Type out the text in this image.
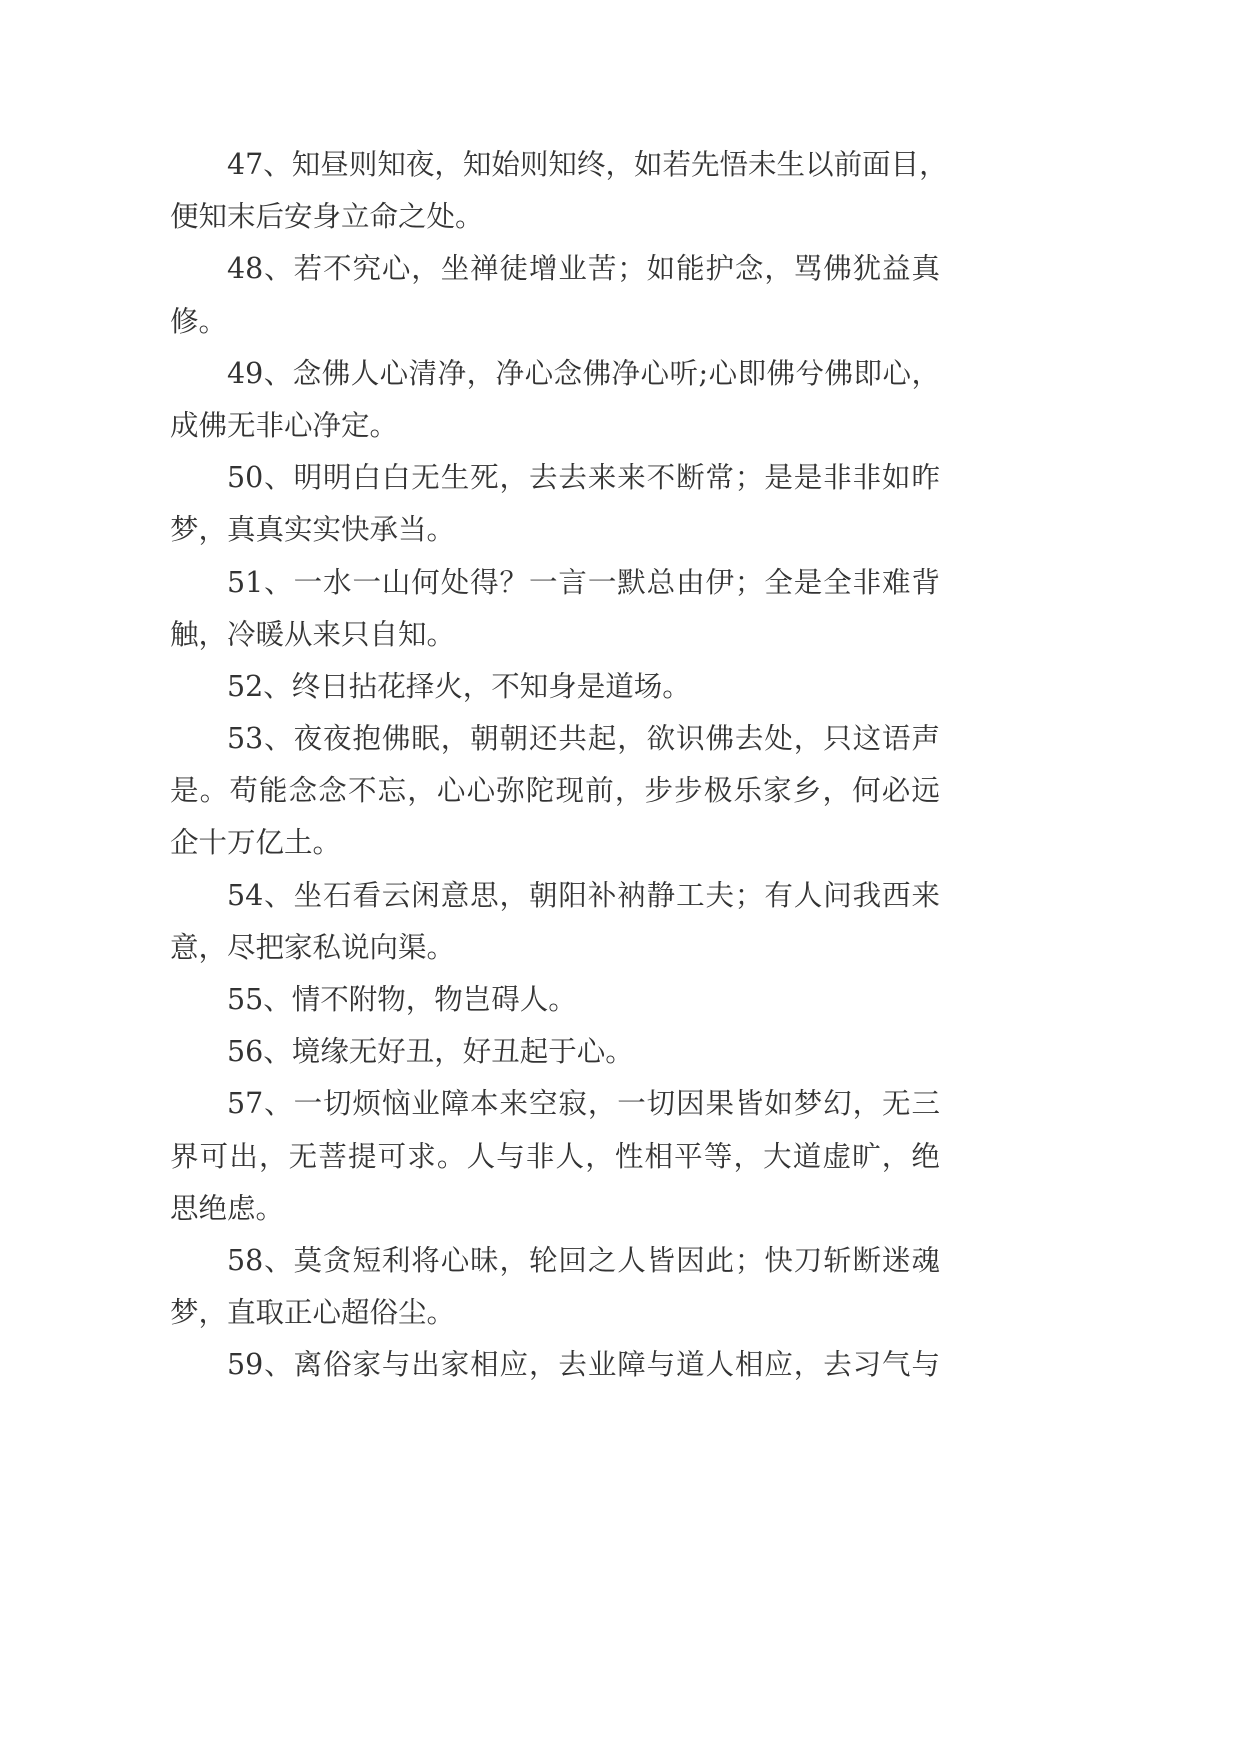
47 、 知 昼 则 知 夜 ， 知 始 则 知 终 ， 如 若 先 悟 未 生 以 前 面 目 ，
便知末后安身立命之处。
48 、 若 不 究 心 ， 坐 禅 徒 增 业 苦 ； 如 能 护 念 ， 骂 佛 犹 益 真
修。
49 、 念 佛 人 心 清 净 ， 净 心 念 佛 净 心 听 ; 心 即 佛 兮 佛 即 心 ，
成佛无非心净定。
50 、 明 明 白 白 无 生 死 ， 去 去 来 来 不 断 常 ； 是 是 非 非 如 昨
梦，真真实实快承当。
51 、 一 水 一 山 何 处 得 ？ 一 言 一 默 总 由 伊 ； 全 是 全 非 难 背
触，冷暖从来只自知。
52、终日拈花择火，不知身是道场。
53 、 夜 夜 抱 佛 眠 ， 朝 朝 还 共 起 ， 欲 识 佛 去 处 ， 只 这 语 声
是 。 苟 能 念 念 不 忘 ， 心 心 弥 陀 现 前 ， 步 步 极 乐 家 乡 ， 何 必 远
企十万亿土。
54 、 坐 石 看 云 闲 意 思 ， 朝 阳 补 衲 静 工 夫 ； 有 人 问 我 西 来
意，尽把家私说向渠。
55、情不附物，物岂碍人。
56、境缘无好丑，好丑起于心。
57 、 一 切 烦 恼 业 障 本 来 空 寂 ， 一 切 因 果 皆 如 梦 幻 ， 无 三
界 可 出 ， 无 菩 提 可 求 。 人 与 非 人 ， 性 相 平 等 ， 大 道 虚 旷 ， 绝
思绝虑。
58 、 莫 贪 短 利 将 心 昧 ， 轮 回 之 人 皆 因 此 ； 快 刀 斩 断 迷 魂
梦，直取正心超俗尘。
59 、 离 俗 家 与 出 家 相 应 ， 去 业 障 与 道 人 相 应 ， 去 习 气 与
